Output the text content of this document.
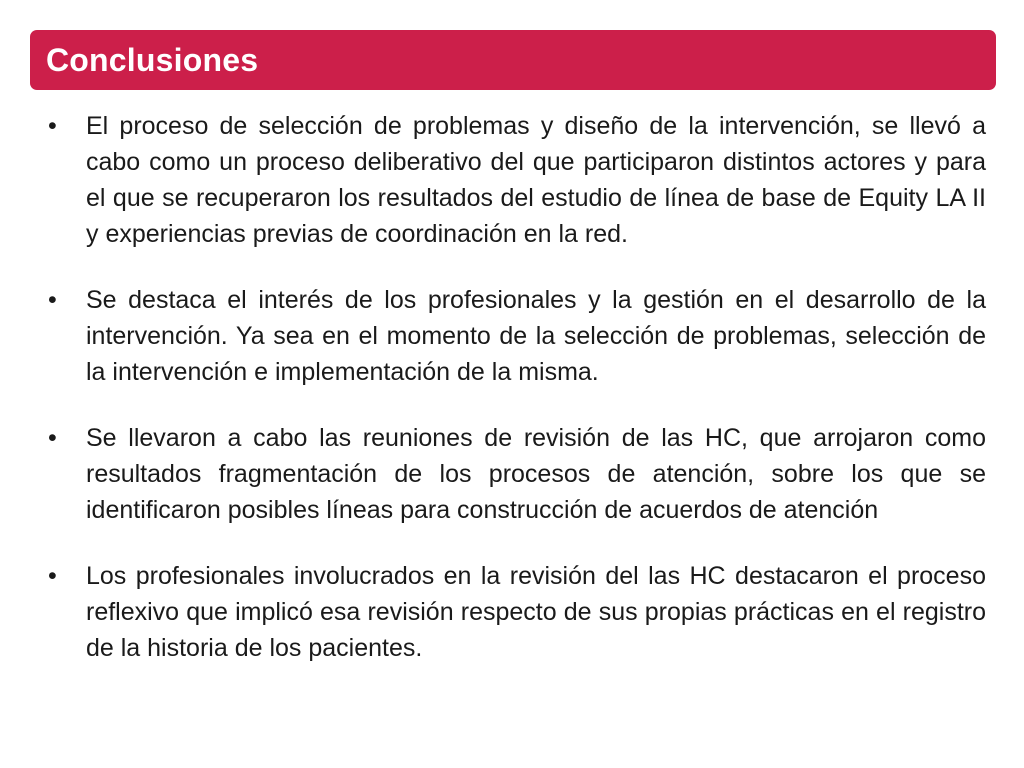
Conclusiones
•	El proceso de selección de problemas y diseño de la intervención, se llevó a cabo como un proceso deliberativo del que participaron distintos actores y para el que se recuperaron los resultados del estudio de línea de base de Equity LA II y experiencias previas de coordinación en la red.
•	Se destaca el interés de los profesionales y la gestión en el desarrollo de la intervención. Ya sea en el momento de la selección de problemas, selección de la intervención e implementación de la misma.
•	Se llevaron a cabo las reuniones de revisión de las HC, que arrojaron como resultados fragmentación de los procesos de atención, sobre los que se identificaron posibles líneas para construcción de acuerdos de atención
•	Los profesionales involucrados en la revisión del las HC destacaron el proceso reflexivo que implicó esa revisión respecto de sus propias prácticas en el registro de la historia de los pacientes.
